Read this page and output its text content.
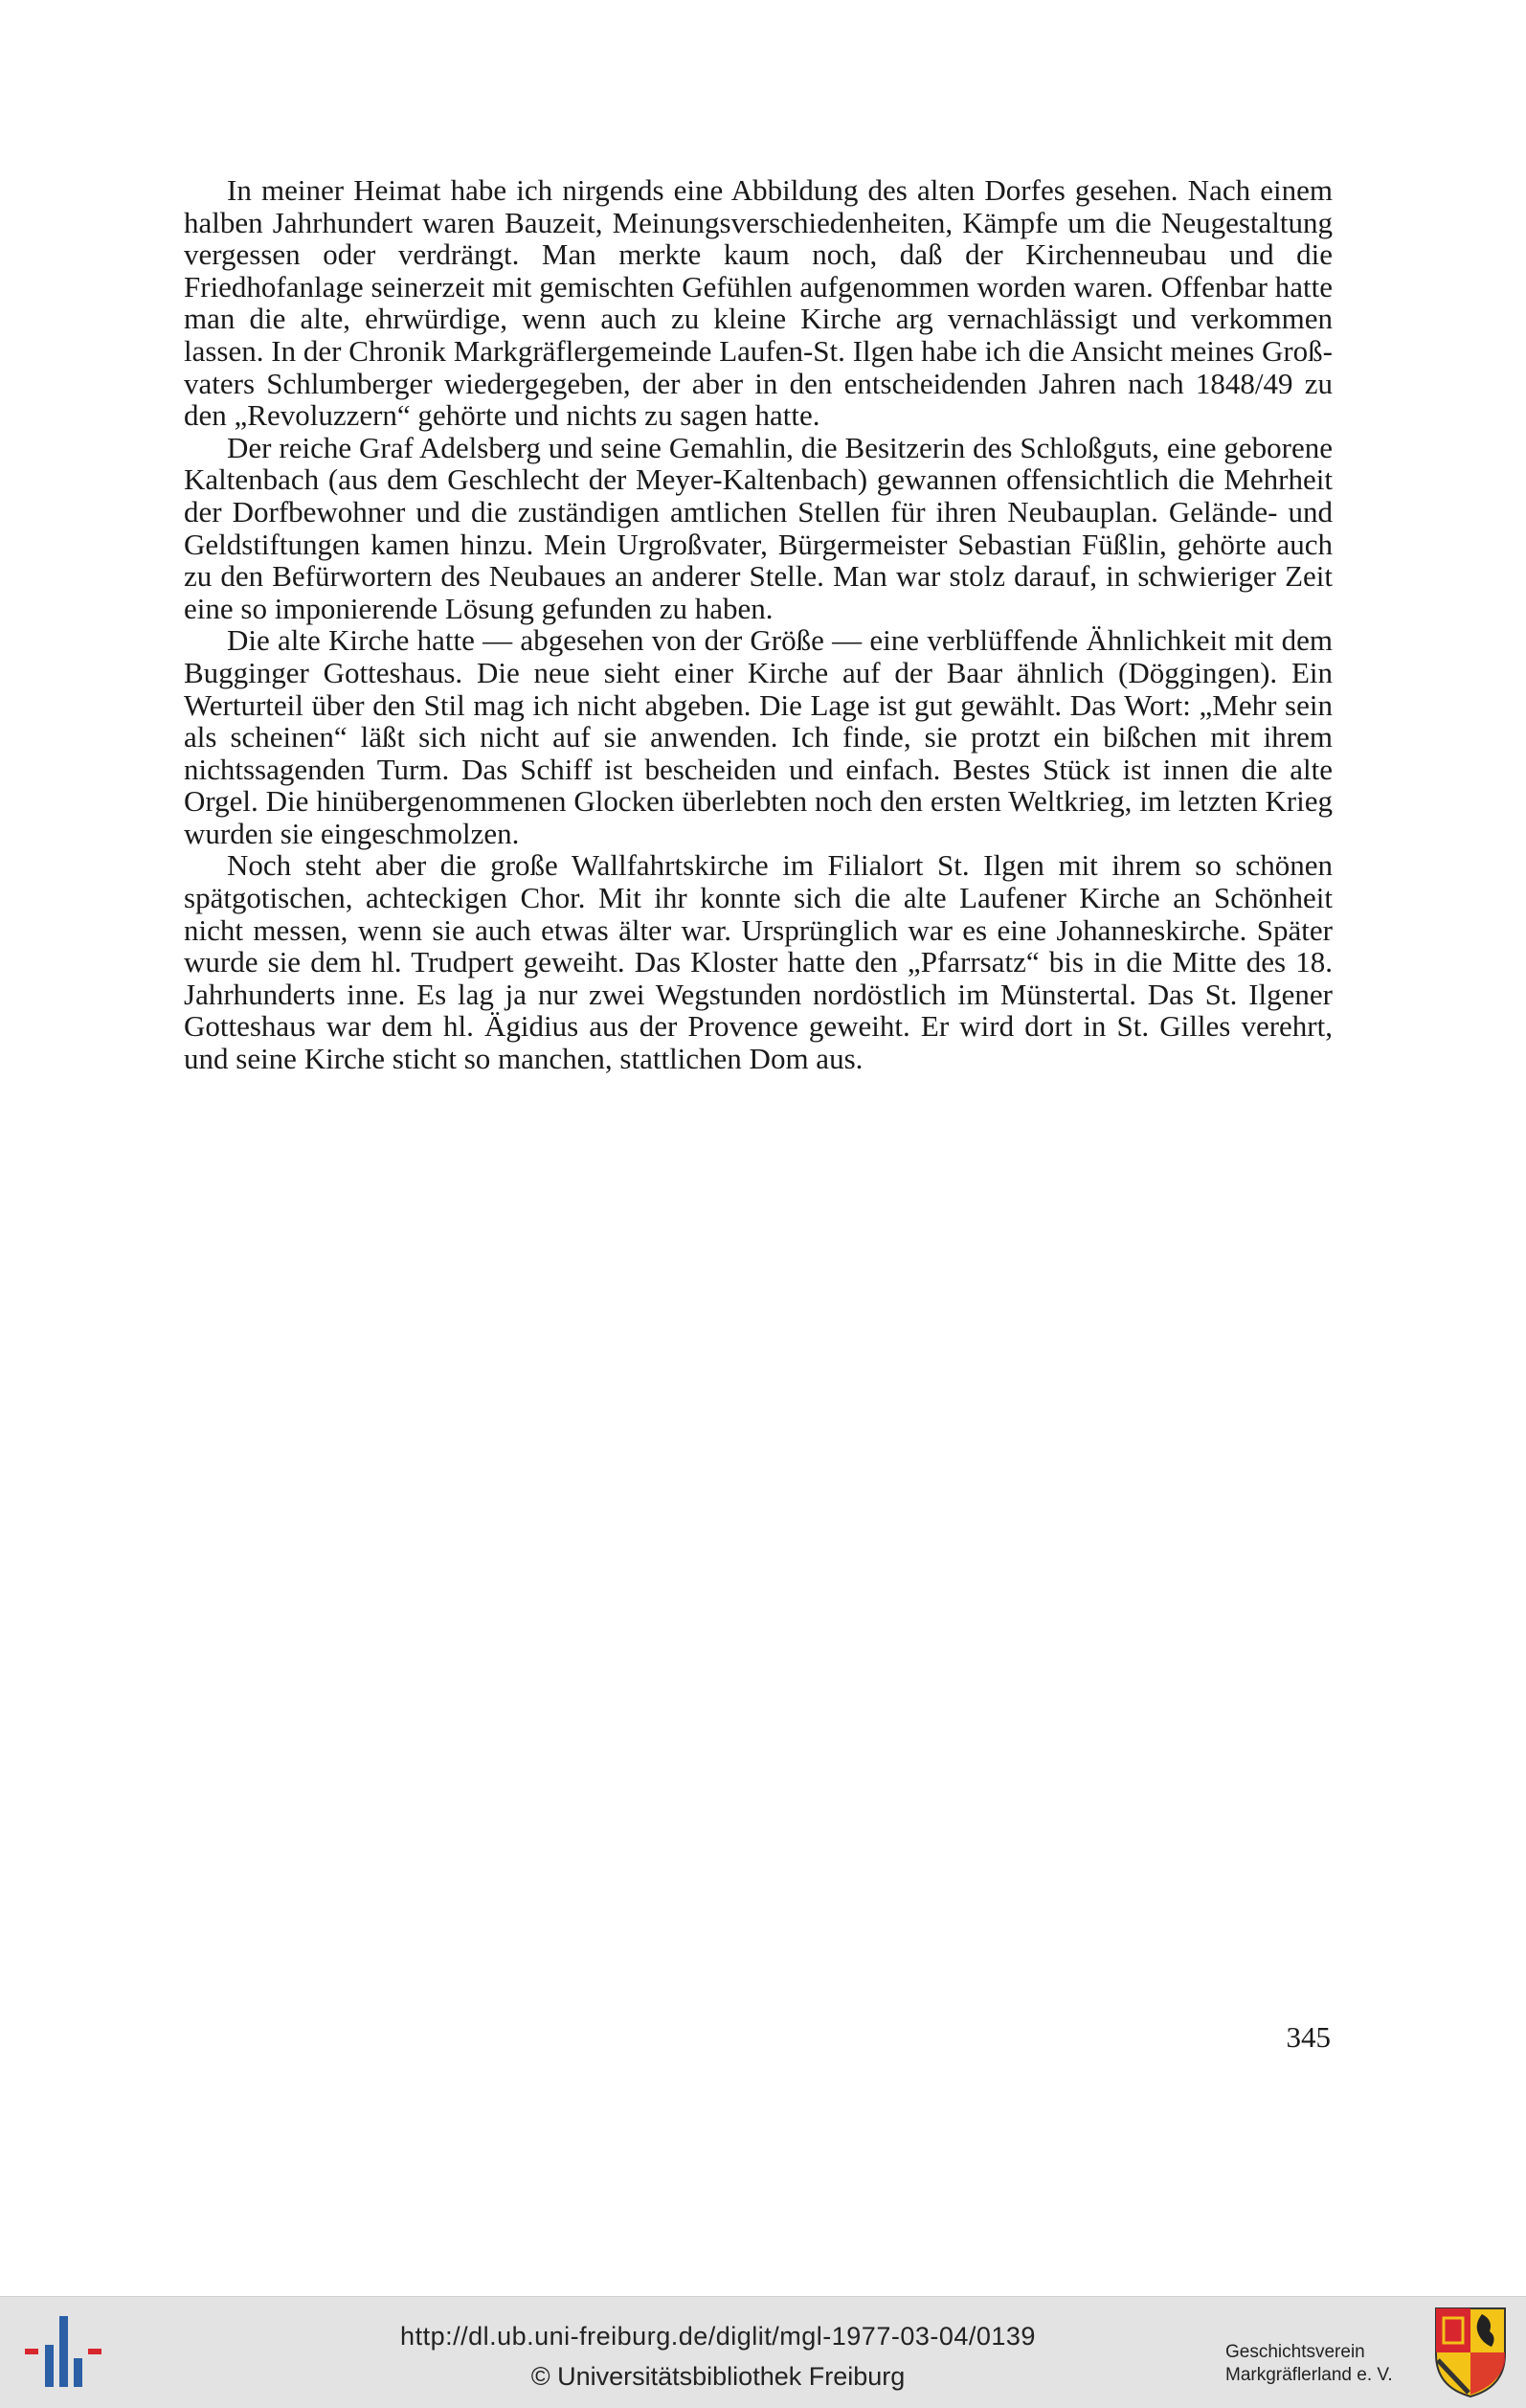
In meiner Heimat habe ich nirgends eine Abbildung des alten Dorfes gesehen. Nach einem halben Jahrhundert waren Bauzeit, Meinungsverschiedenheiten, Kämpfe um die Neugestaltung vergessen oder verdrängt. Man merkte kaum noch, daß der Kirchenneubau und die Friedhofanlage seinerzeit mit gemischten Gefühlen aufgenommen worden waren. Offenbar hatte man die alte, ehrwürdige, wenn auch zu kleine Kirche arg vernachlässigt und verkommen lassen. In der Chronik Markgräflergemeinde Laufen-St. Ilgen habe ich die Ansicht meines Großvaters Schlumberger wiedergegeben, der aber in den entscheidenden Jahren nach 1848/49 zu den „Revoluzzern“ gehörte und nichts zu sagen hatte.

Der reiche Graf Adelsberg und seine Gemahlin, die Besitzerin des Schloßguts, eine geborene Kaltenbach (aus dem Geschlecht der Meyer-Kaltenbach) gewannen offensichtlich die Mehrheit der Dorfbewohner und die zuständigen amtlichen Stellen für ihren Neubauplan. Gelände- und Geldstiftungen kamen hinzu. Mein Urgroßvater, Bürgermeister Sebastian Füßlin, gehörte auch zu den Befürwortern des Neubaues an anderer Stelle. Man war stolz darauf, in schwieriger Zeit eine so imponierende Lösung gefunden zu haben.

Die alte Kirche hatte — abgesehen von der Größe — eine verblüffende Ähnlichkeit mit dem Bugginger Gotteshaus. Die neue sieht einer Kirche auf der Baar ähnlich (Döggingen). Ein Werturteil über den Stil mag ich nicht abgeben. Die Lage ist gut gewählt. Das Wort: „Mehr sein als scheinen“ läßt sich nicht auf sie anwenden. Ich finde, sie protzt ein bißchen mit ihrem nichtssagenden Turm. Das Schiff ist bescheiden und einfach. Bestes Stück ist innen die alte Orgel. Die hinübergenommenen Glocken überlebten noch den ersten Weltkrieg, im letzten Krieg wurden sie eingeschmolzen.

Noch steht aber die große Wallfahrtskirche im Filialort St. Ilgen mit ihrem so schönen spätgotischen, achteckigen Chor. Mit ihr konnte sich die alte Laufener Kirche an Schönheit nicht messen, wenn sie auch etwas älter war. Ursprünglich war es eine Johanneskirche. Später wurde sie dem hl. Trudpert geweiht. Das Kloster hatte den „Pfarrsatz“ bis in die Mitte des 18. Jahrhunderts inne. Es lag ja nur zwei Wegstunden nordöstlich im Münstertal. Das St. Ilgener Gotteshaus war dem hl. Ägidius aus der Provence geweiht. Er wird dort in St. Gilles verehrt, und seine Kirche sticht so manchen, stattlichen Dom aus.

345
http://dl.ub.uni-freiburg.de/diglit/mgl-1977-03-04/0139
© Universitätsbibliothek Freiburg
Geschichtsverein
Markgräflerland e. V.
